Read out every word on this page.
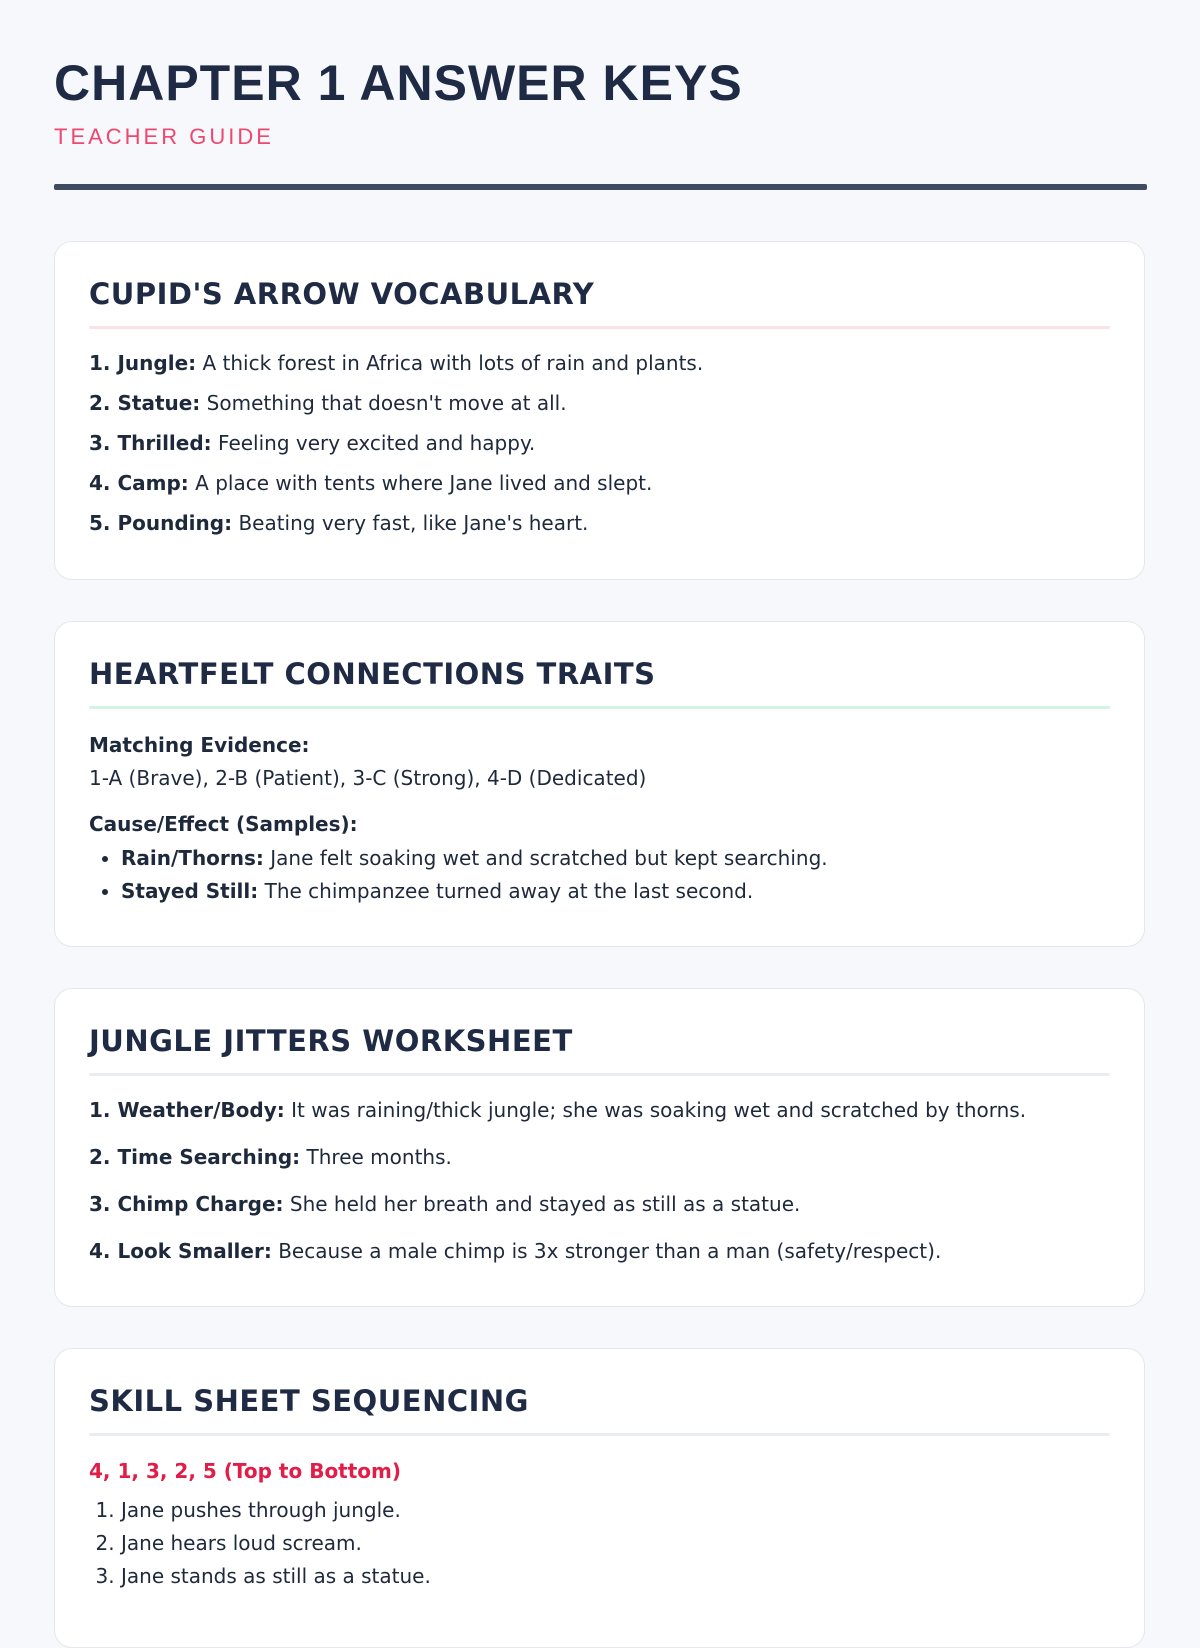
CHAPTER 1 ANSWER KEYS
TEACHER GUIDE
CUPID'S ARROW VOCABULARY
1. Jungle: A thick forest in Africa with lots of rain and plants.
2. Statue: Something that doesn't move at all.
3. Thrilled: Feeling very excited and happy.
4. Camp: A place with tents where Jane lived and slept.
5. Pounding: Beating very fast, like Jane's heart.
HEARTFELT CONNECTIONS TRAITS
Matching Evidence:
1-A (Brave), 2-B (Patient), 3-C (Strong), 4-D (Dedicated)
Cause/Effect (Samples):
• Rain/Thorns: Jane felt soaking wet and scratched but kept searching.
• Stayed Still: The chimpanzee turned away at the last second.
JUNGLE JITTERS WORKSHEET
1. Weather/Body: It was raining/thick jungle; she was soaking wet and scratched by thorns.
2. Time Searching: Three months.
3. Chimp Charge: She held her breath and stayed as still as a statue.
4. Look Smaller: Because a male chimp is 3x stronger than a man (safety/respect).
SKILL SHEET SEQUENCING
4, 1, 3, 2, 5 (Top to Bottom)
1. Jane pushes through jungle.
2. Jane hears loud scream.
3. Jane stands as still as a statue.
